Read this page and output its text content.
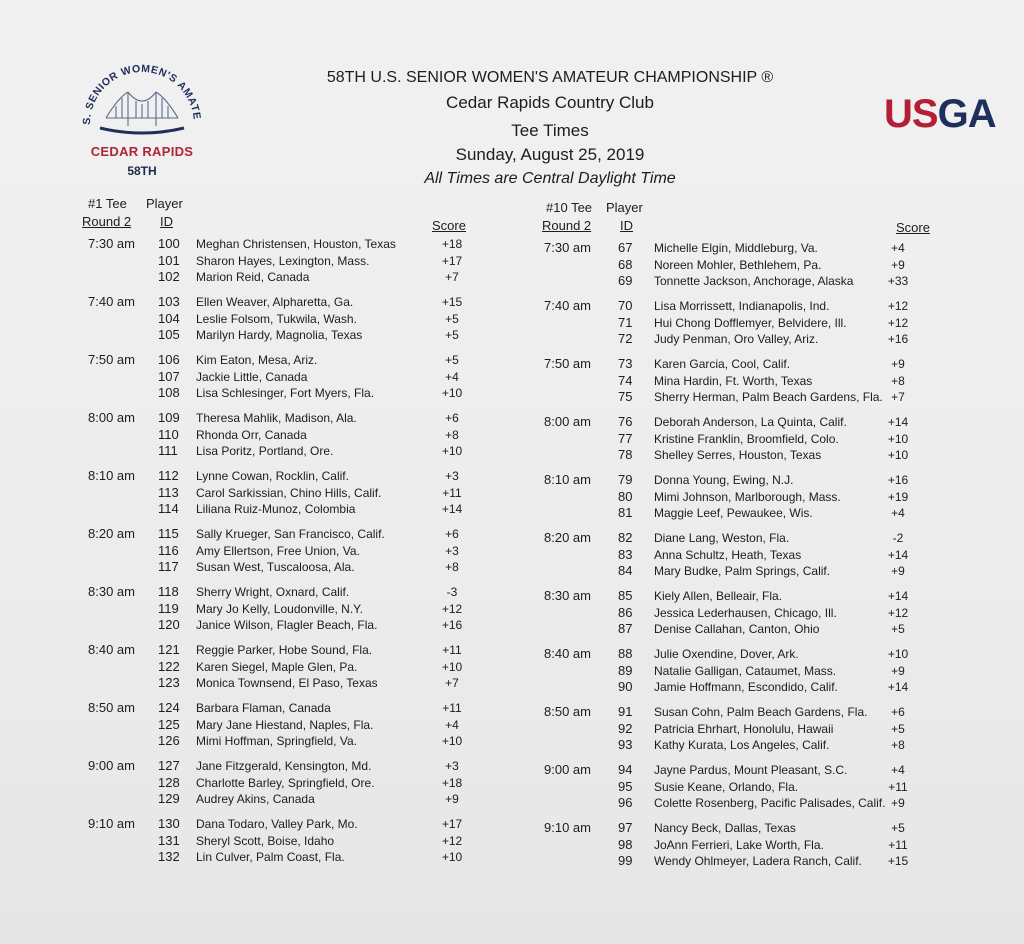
S. SENIOR WOMEN'S AMATE
CEDAR RAPIDS
58TH
58TH U.S. SENIOR WOMEN'S AMATEUR CHAMPIONSHIP ®
Cedar Rapids Country Club
Tee Times
Sunday, August 25, 2019
All Times are Central Daylight Time
USGA
#1 Tee Player
Round 2 ID	Score
7:30 am	100	Meghan Christensen, Houston, Texas	+18
101	Sharon Hayes, Lexington, Mass.	+17
102	Marion Reid, Canada	+7
7:40 am	103	Ellen Weaver, Alpharetta, Ga.	+15
104	Leslie Folsom, Tukwila, Wash.	+5
105	Marilyn Hardy, Magnolia, Texas	+5
7:50 am	106	Kim Eaton, Mesa, Ariz.	+5
107	Jackie Little, Canada	+4
108	Lisa Schlesinger, Fort Myers, Fla.	+10
8:00 am	109	Theresa Mahlik, Madison, Ala.	+6
110	Rhonda Orr, Canada	+8
111	Lisa Poritz, Portland, Ore.	+10
8:10 am	112	Lynne Cowan, Rocklin, Calif.	+3
113	Carol Sarkissian, Chino Hills, Calif.	+11
114	Liliana Ruiz-Munoz, Colombia	+14
8:20 am	115	Sally Krueger, San Francisco, Calif.	+6
116	Amy Ellertson, Free Union, Va.	+3
117	Susan West, Tuscaloosa, Ala.	+8
8:30 am	118	Sherry Wright, Oxnard, Calif.	-3
119	Mary Jo Kelly, Loudonville, N.Y.	+12
120	Janice Wilson, Flagler Beach, Fla.	+16
8:40 am	121	Reggie Parker, Hobe Sound, Fla.	+11
122	Karen Siegel, Maple Glen, Pa.	+10
123	Monica Townsend, El Paso, Texas	+7
8:50 am	124	Barbara Flaman, Canada	+11
125	Mary Jane Hiestand, Naples, Fla.	+4
126	Mimi Hoffman, Springfield, Va.	+10
9:00 am	127	Jane Fitzgerald, Kensington, Md.	+3
128	Charlotte Barley, Springfield, Ore.	+18
129	Audrey Akins, Canada	+9
9:10 am	130	Dana Todaro, Valley Park, Mo.	+17
131	Sheryl Scott, Boise, Idaho	+12
132	Lin Culver, Palm Coast, Fla.	+10
#10 Tee Player
Round 2 ID	Score
7:30 am	67	Michelle Elgin, Middleburg, Va.	+4
68	Noreen Mohler, Bethlehem, Pa.	+9
69	Tonnette Jackson, Anchorage, Alaska	+33
7:40 am	70	Lisa Morrissett, Indianapolis, Ind.	+12
71	Hui Chong Dofflemyer, Belvidere, Ill.	+12
72	Judy Penman, Oro Valley, Ariz.	+16
7:50 am	73	Karen Garcia, Cool, Calif.	+9
74	Mina Hardin, Ft. Worth, Texas	+8
75	Sherry Herman, Palm Beach Gardens, Fla. +7
8:00 am	76	Deborah Anderson, La Quinta, Calif.	+14
77	Kristine Franklin, Broomfield, Colo.	+10
78	Shelley Serres, Houston, Texas	+10
8:10 am	79	Donna Young, Ewing, N.J.	+16
80	Mimi Johnson, Marlborough, Mass.	+19
81	Maggie Leef, Pewaukee, Wis.	+4
8:20 am	82	Diane Lang, Weston, Fla.	-2
83	Anna Schultz, Heath, Texas	+14
84	Mary Budke, Palm Springs, Calif.	+9
8:30 am	85	Kiely Allen, Belleair, Fla.	+14
86	Jessica Lederhausen, Chicago, Ill.	+12
87	Denise Callahan, Canton, Ohio	+5
8:40 am	88	Julie Oxendine, Dover, Ark.	+10
89	Natalie Galligan, Cataumet, Mass.	+9
90	Jamie Hoffmann, Escondido, Calif.	+14
8:50 am	91	Susan Cohn, Palm Beach Gardens, Fla.	+6
92	Patricia Ehrhart, Honolulu, Hawaii	+5
93	Kathy Kurata, Los Angeles, Calif.	+8
9:00 am	94	Jayne Pardus, Mount Pleasant, S.C.	+4
95	Susie Keane, Orlando, Fla.	+11
96	Colette Rosenberg, Pacific Palisades, Calif. +9
9:10 am	97	Nancy Beck, Dallas, Texas	+5
98	JoAnn Ferrieri, Lake Worth, Fla.	+11
99	Wendy Ohlmeyer, Ladera Ranch, Calif.	+15
